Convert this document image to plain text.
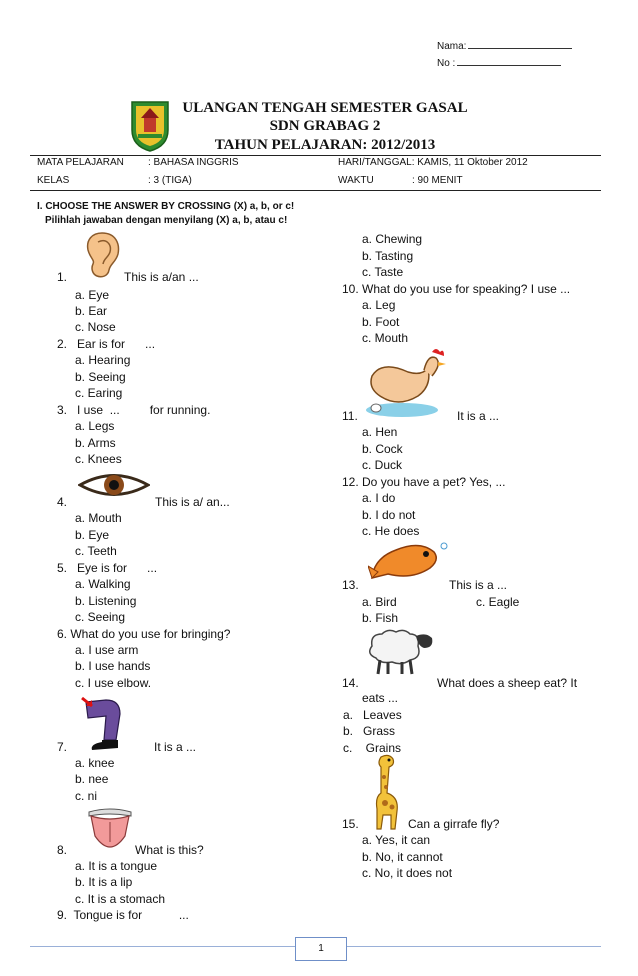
Nama:
No :
ULANGAN TENGAH SEMESTER GASAL
SDN GRABAG 2
TAHUN PELAJARAN: 2012/2013
MATA PELAJARAN : BAHASA INGGRIS	HARI/TANGGAL: KAMIS, 11 Oktober 2012
KELAS	: 3 (TIGA)	WAKTU	: 90 MENIT
I. CHOOSE THE ANSWER BY CROSSING (X) a, b, or c!
Pilihlah jawaban dengan menyilang (X) a, b, atau c!
1.	This is a/an ...
a. Eye
b. Ear
c. Nose
2.   Ear is for      ...
a. Hearing
b. Seeing
c. Earing
3.   I use  ...         for running.
a. Legs
b. Arms
c. Knees
4.	This is a/ an...
a. Mouth
b. Eye
c. Teeth
5.   Eye is for      ...
a. Walking
b. Listening
c. Seeing
6. What do you use for bringing?
a. I use arm
b. I use hands
c. I use elbow.
7.	It is a ...
a. knee
b. nee
c. ni
8.	What is this?
a. It is a tongue
b. It is a lip
c. It is a stomach
9.  Tongue is for           ...
a. Chewing
b. Tasting
c. Taste
10. What do you use for speaking? I use ...
a. Leg
b. Foot
c. Mouth
11.	It is a ...
a. Hen
b. Cock
c. Duck
12. Do you have a pet? Yes, ...
a. I do
b. I do not
c. He does
13.	This is a ...
a. Bird	c. Eagle
b. Fish
14.	What does a sheep eat? It
eats ...
a.   Leaves
b.   Grass
c.    Grains
15.	Can a girrafe fly?
a. Yes, it can
b. No, it cannot
c. No, it does not
1
